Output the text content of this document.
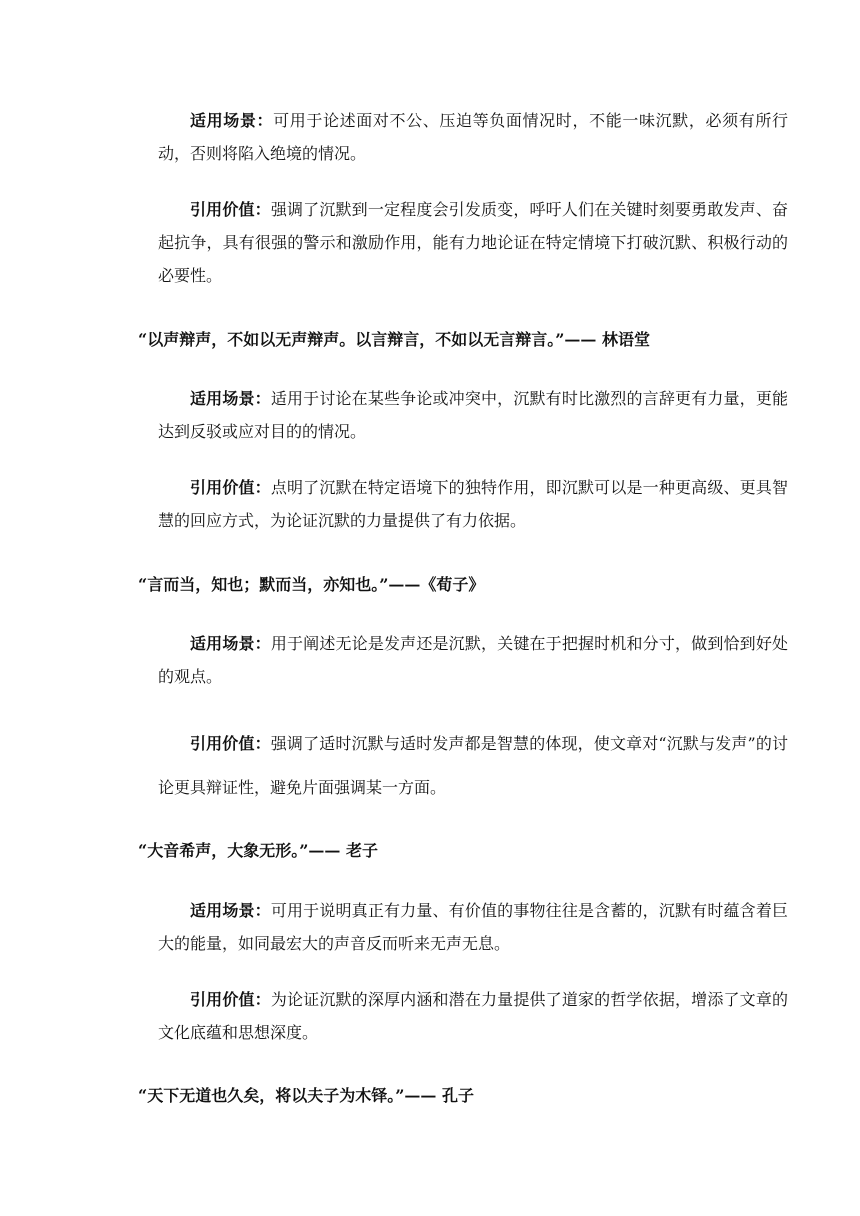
适用场景：可用于论述面对不公、压迫等负面情况时，不能一味沉默，必须有所行动，否则将陷入绝境的情况。

引用价值：强调了沉默到一定程度会引发质变，呼吁人们在关键时刻要勇敢发声、奋起抗争，具有很强的警示和激励作用，能有力地论证在特定情境下打破沉默、积极行动的必要性。

“以声辩声，不如以无声辩声。以言辩言，不如以无言辩言。”—— 林语堂

适用场景：适用于讨论在某些争论或冲突中，沉默有时比激烈的言辞更有力量，更能达到反驳或应对目的的情况。

引用价值：点明了沉默在特定语境下的独特作用，即沉默可以是一种更高级、更具智慧的回应方式，为论证沉默的力量提供了有力依据。

“言而当，知也；默而当，亦知也。”——《荀子》

适用场景：用于阐述无论是发声还是沉默，关键在于把握时机和分寸，做到恰到好处的观点。

引用价值：强调了适时沉默与适时发声都是智慧的体现，使文章对“沉默与发声”的讨论更具辩证性，避免片面强调某一方面。

“大音希声，大象无形。”—— 老子

适用场景：可用于说明真正有力量、有价值的事物往往是含蓄的，沉默有时蕴含着巨大的能量，如同最宏大的声音反而听来无声无息。

引用价值：为论证沉默的深厚内涵和潜在力量提供了道家的哲学依据，增添了文章的文化底蕴和思想深度。

“天下无道也久矣，将以夫子为木铎。”—— 孔子
